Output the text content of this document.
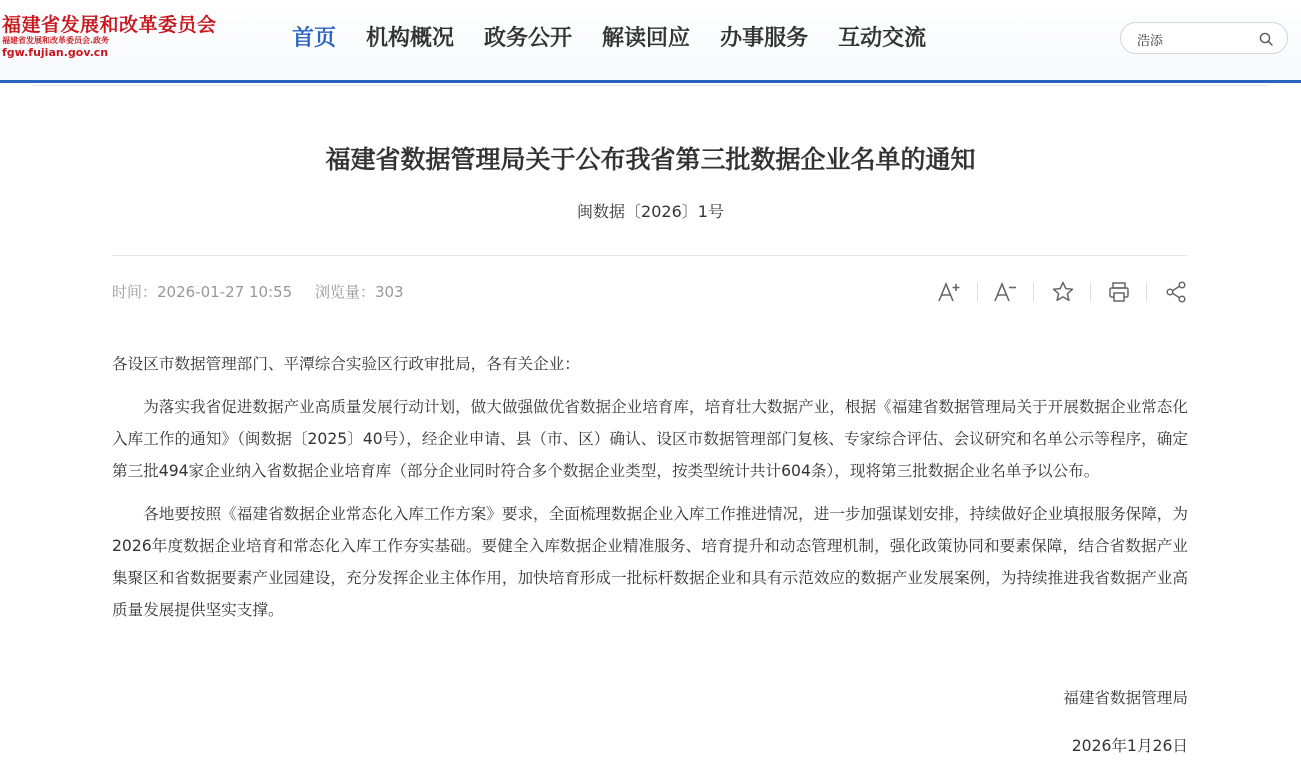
福建省发展和改革委员会
福建省发展和改革委员会.政务
fgw.fujian.gov.cn
首页 机构概况 政务公开 解读回应 办事服务 互动交流
浩添
福建省数据管理局关于公布我省第三批数据企业名单的通知
闽数据〔2026〕1号
时间：2026-01-27 10:55 浏览量：303

各设区市数据管理部门、平潭综合实验区行政审批局，各有关企业：

为落实我省促进数据产业高质量发展行动计划，做大做强做优省数据企业培育库，培育壮大数据产业，根据《福建省数据管理局关于开展数据企业常态化入库工作的通知》（闽数据〔2025〕40号），经企业申请、县（市、区）确认、设区市数据管理部门复核、专家综合评估、会议研究和名单公示等程序，确定第三批494家企业纳入省数据企业培育库（部分企业同时符合多个数据企业类型，按类型统计共计604条），现将第三批数据企业名单予以公布。

各地要按照《福建省数据企业常态化入库工作方案》要求，全面梳理数据企业入库工作推进情况，进一步加强谋划安排，持续做好企业填报服务保障，为2026年度数据企业培育和常态化入库工作夯实基础。要健全入库数据企业精准服务、培育提升和动态管理机制，强化政策协同和要素保障，结合省数据产业集聚区和省数据要素产业园建设，充分发挥企业主体作用，加快培育形成一批标杆数据企业和具有示范效应的数据产业发展案例，为持续推进我省数据产业高质量发展提供坚实支撑。

福建省数据管理局
2026年1月26日
